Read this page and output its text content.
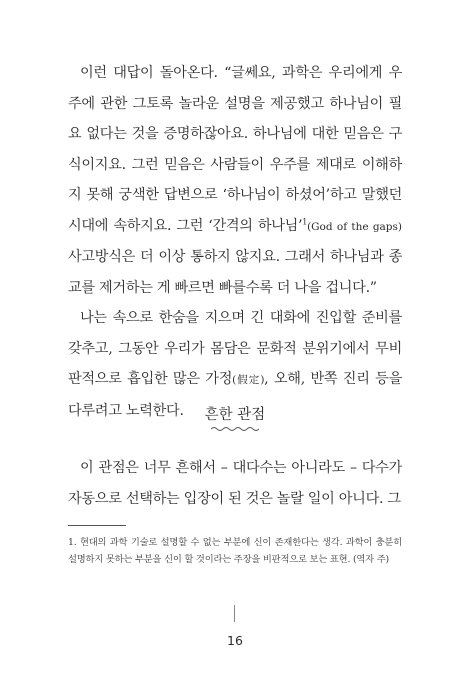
이런 대답이 돌아온다. “글쎄요, 과학은 우리에게 우주에 관한 그토록 놀라운 설명을 제공했고 하나님이 필요 없다는 것을 증명하잖아요. 하나님에 대한 믿음은 구식이지요. 그런 믿음은 사람들이 우주를 제대로 이해하지 못해 궁색한 답변으로 ‘하나님이 하셨어’하고 말했던 시대에 속하지요. 그런 ‘간격의 하나님’$^1$(God of the gaps) 사고방식은 더 이상 통하지 않지요. 그래서 하나님과 종교를 제거하는 게 빠르면 빠를수록 더 나을 겁니다.”

나는 속으로 한숨을 지으며 긴 대화에 진입할 준비를 갖추고, 그동안 우리가 몸담은 문화적 분위기에서 무비판적으로 흡입한 많은 가정(假定), 오해, 반쪽 진리 등을 다루려고 노력한다.	흔한 관점

이 관점은 너무 흔해서 – 대다수는 아니라도 – 다수가 자동으로 선택하는 입장이 된 것은 놀랄 일이 아니다. 그

1. 현대의 과학 기술로 설명할 수 없는 부분에 신이 존재한다는 생각. 과학이 충분히 설명하지 못하는 부분을 신이 할 것이라는 주장을 비판적으로 보는 표현. (역자 주)
16
